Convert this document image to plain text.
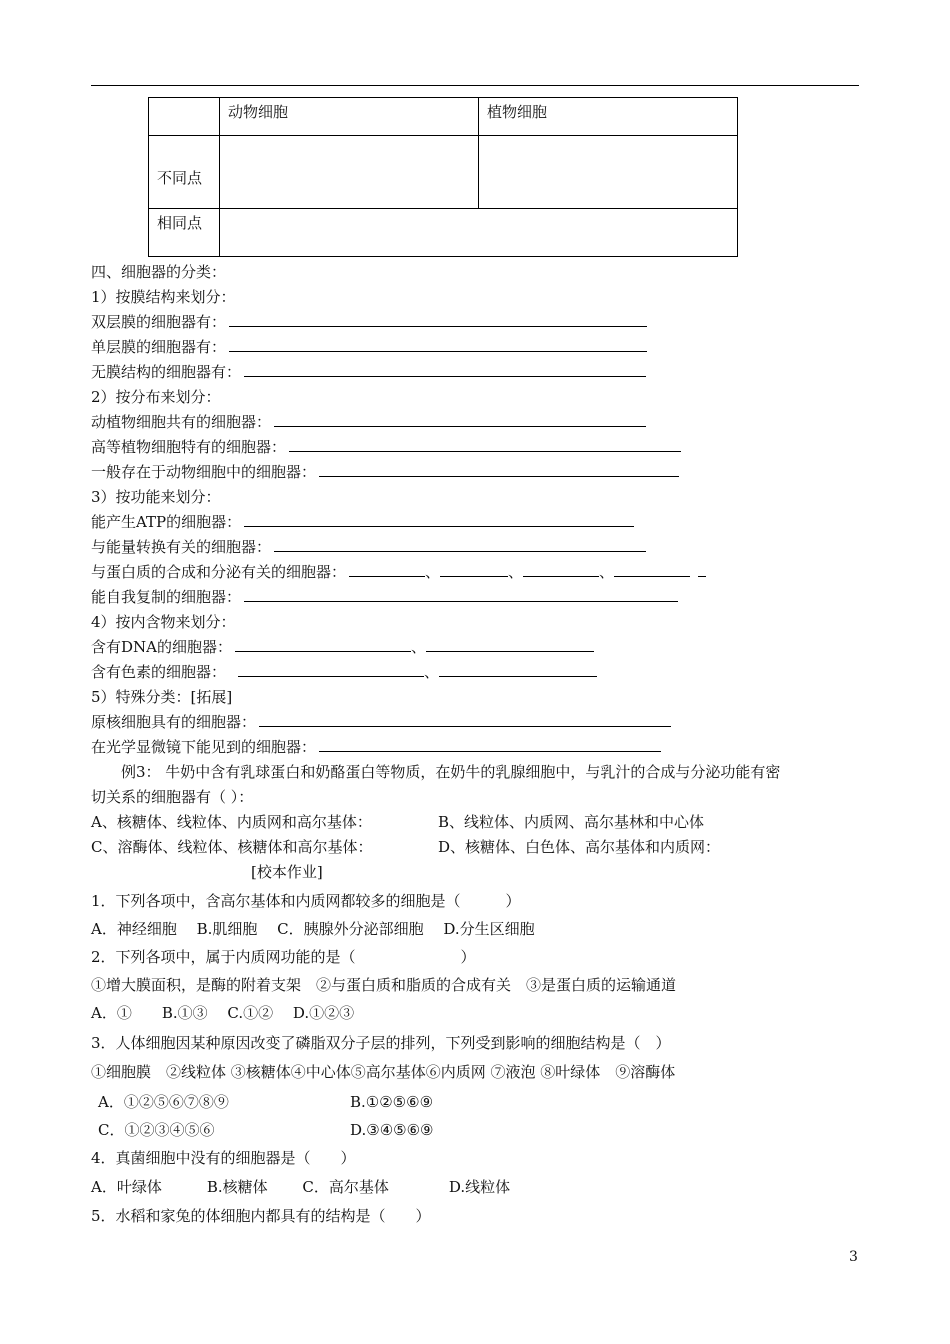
	动物细胞	植物细胞
不同点		
相同点		
四、细胞器的分类：
1）按膜结构来划分：
双层膜的细胞器有：
单层膜的细胞器有：
无膜结构的细胞器有：
2）按分布来划分：
动植物细胞共有的细胞器：
高等植物细胞特有的细胞器：
一般存在于动物细胞中的细胞器：
3）按功能来划分：
能产生ATP的细胞器：
与能量转换有关的细胞器：
与蛋白质的合成和分泌有关的细胞器：	、	、	、
能自我复制的细胞器：
4）按内含物来划分：
含有DNA的细胞器：	、
含有色素的细胞器：	、
5）特殊分类：[拓展]
原核细胞具有的细胞器：
在光学显微镜下能见到的细胞器：
例3： 牛奶中含有乳球蛋白和奶酪蛋白等物质，在奶牛的乳腺细胞中，与乳汁的合成与分泌功能有密
切关系的细胞器有（ ）：
A、核糖体、线粒体、内质网和高尔基体：	B、线粒体、内质网、高尔基林和中心体
C、溶酶体、线粒体、核糖体和高尔基体：	D、核糖体、白色体、高尔基体和内质网：
[校本作业]
1．下列各项中，含高尔基体和内质网都较多的细胞是（　　　）
A．神经细胞　 B.肌细胞　 C．胰腺外分泌部细胞　 D.分生区细胞
2．下列各项中，属于内质网功能的是（　　　　　　　）
①增大膜面积，是酶的附着支架　②与蛋白质和脂质的合成有关　③是蛋白质的运输通道
A．①　　B.①③　 C.①②　 D.①②③
3．人体细胞因某种原因改变了磷脂双分子层的排列，下列受到影响的细胞结构是（　）
①细胞膜　②线粒体 ③核糖体④中心体⑤高尔基体⑥内质网 ⑦液泡 ⑧叶绿体　⑨溶酶体
A．①②⑤⑥⑦⑧⑨	B.①②⑤⑥⑨
C．①②③④⑤⑥	D.③④⑤⑥⑨
4．真菌细胞中没有的细胞器是（　　）
A．叶绿体　　　B.核糖体　　 C．高尔基体　　　　D.线粒体
5．水稻和家兔的体细胞内都具有的结构是（　　）
3
